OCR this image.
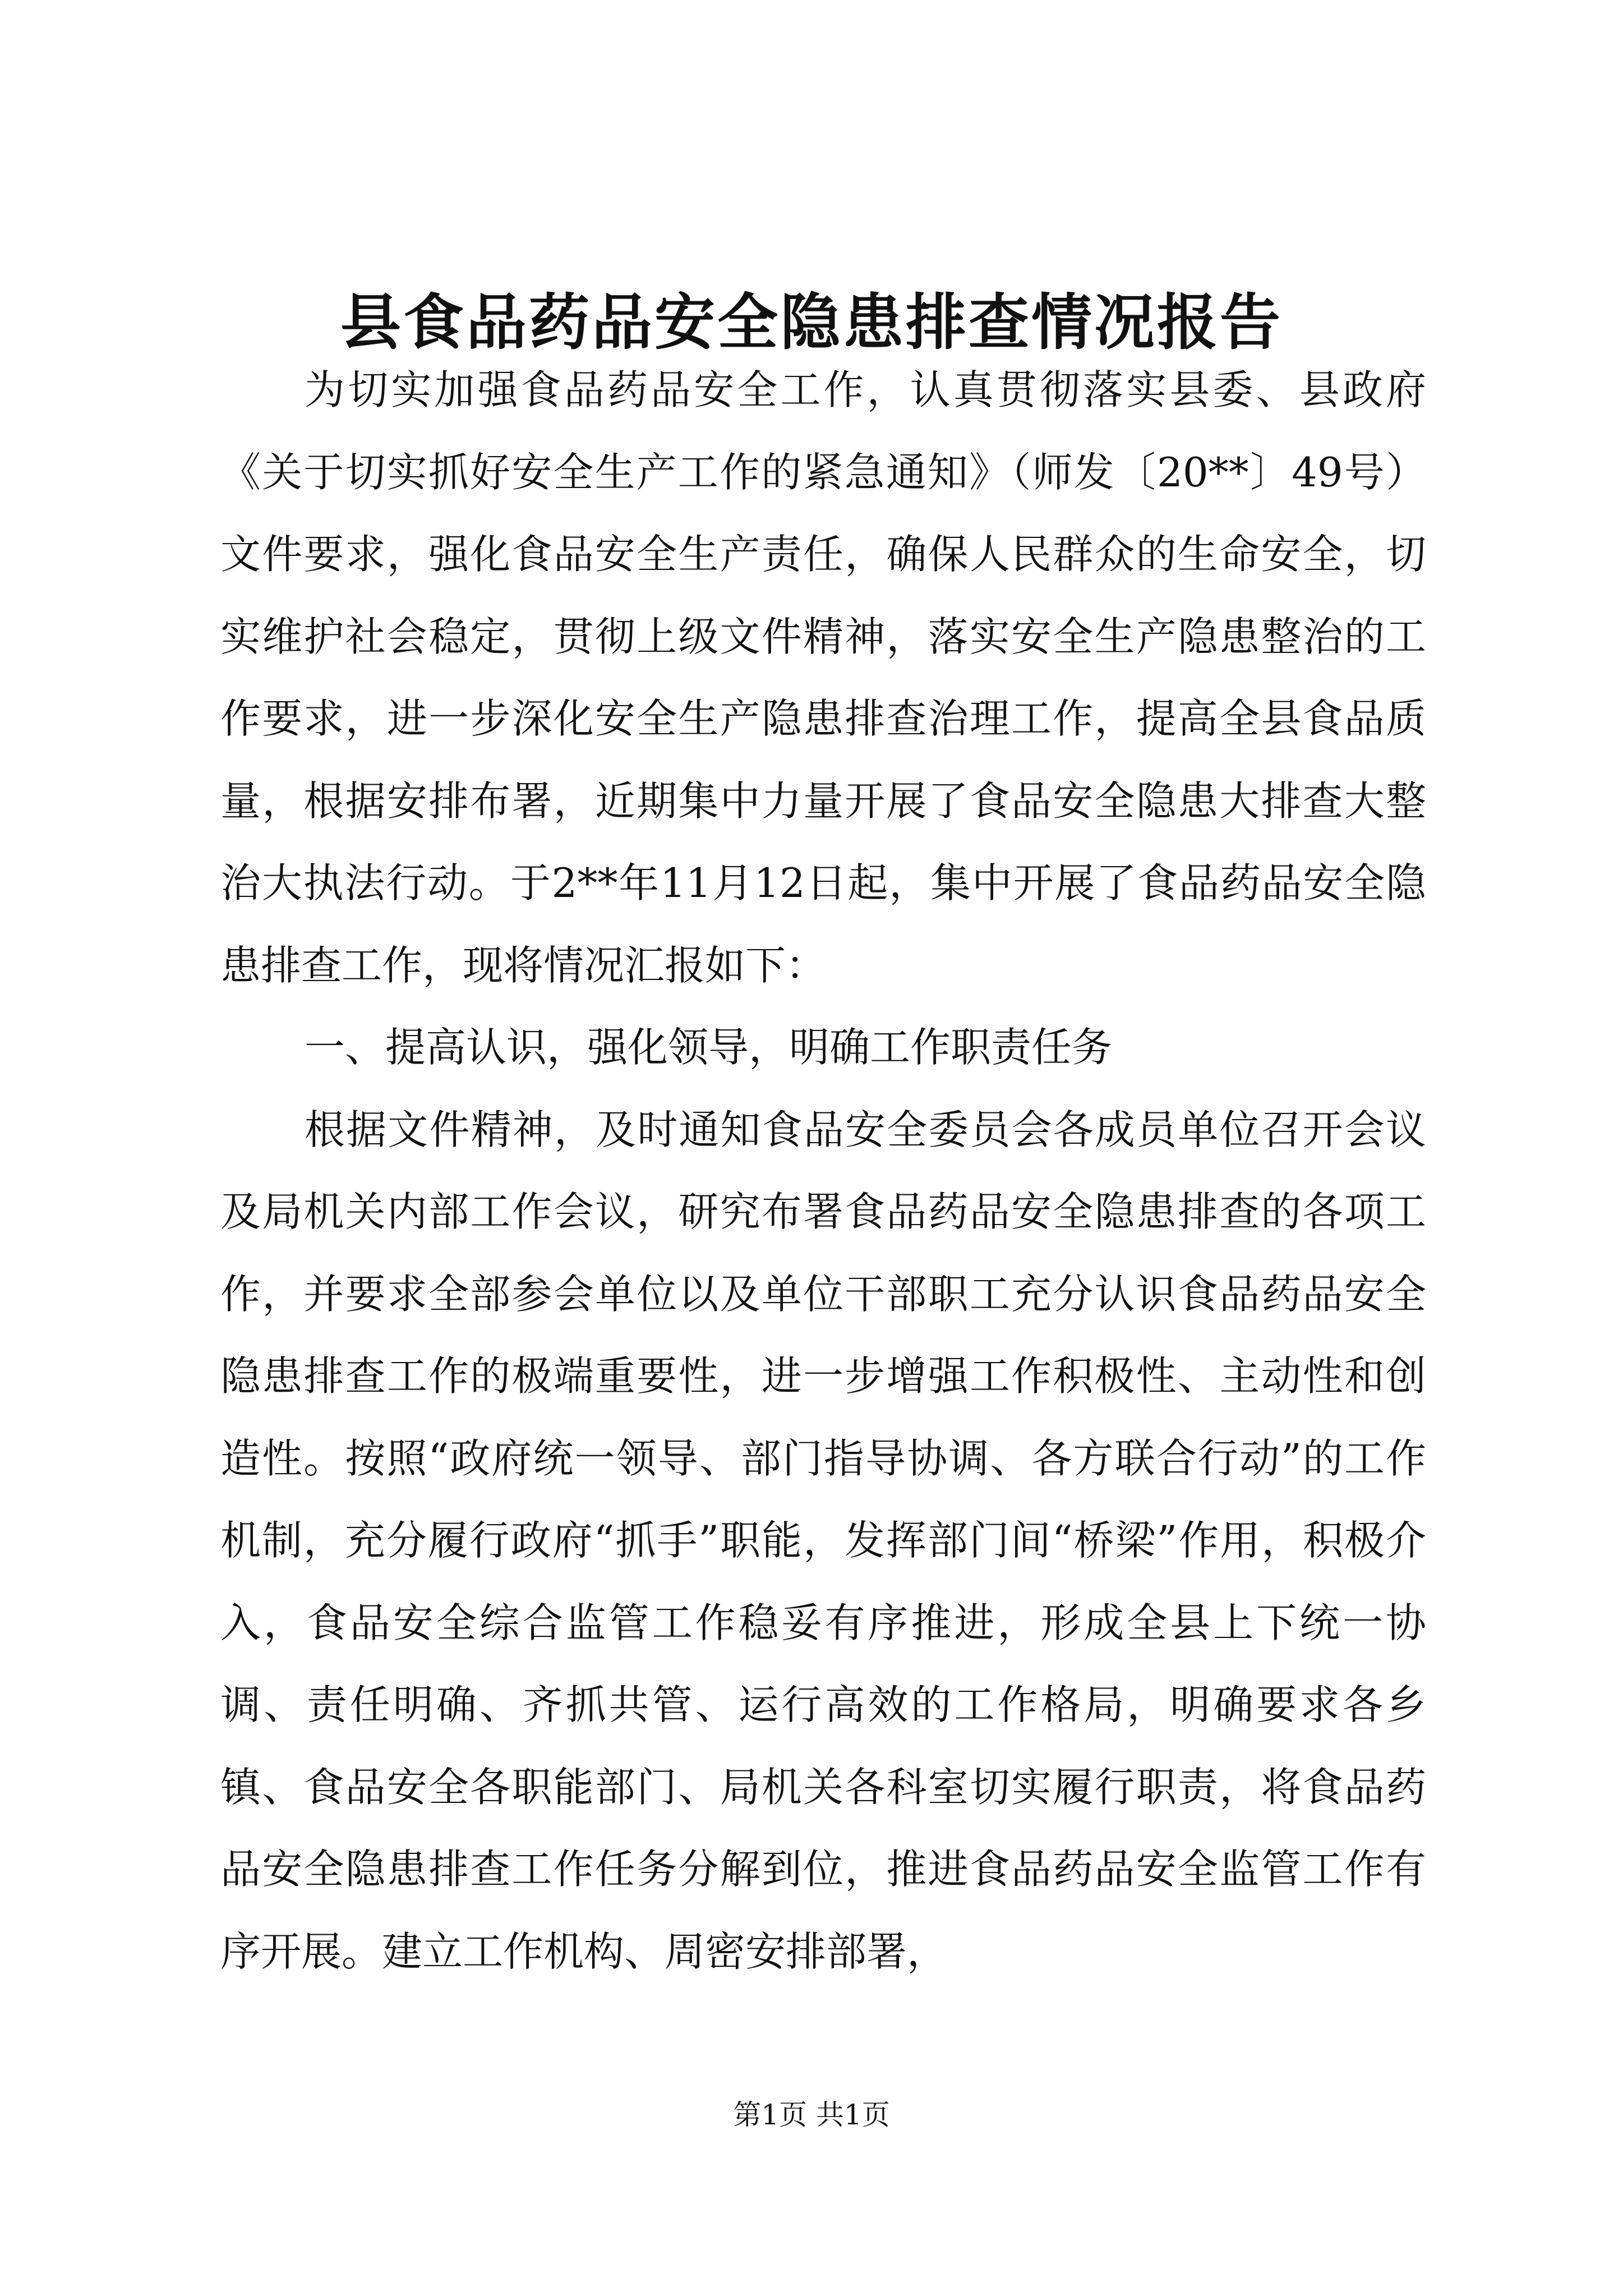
县食品药品安全隐患排查情况报告

为切实加强食品药品安全工作，认真贯彻落实县委、县政府《关于切实抓好安全生产工作的紧急通知》（师发〔20**〕49号）文件要求，强化食品安全生产责任，确保人民群众的生命安全，切实维护社会稳定，贯彻上级文件精神，落实安全生产隐患整治的工作要求，进一步深化安全生产隐患排查治理工作，提高全县食品质量，根据安排布署，近期集中力量开展了食品安全隐患大排查大整治大执法行动。于2**年11月12日起，集中开展了食品药品安全隐患排查工作，现将情况汇报如下：

一、提高认识，强化领导，明确工作职责任务

根据文件精神，及时通知食品安全委员会各成员单位召开会议及局机关内部工作会议，研究布署食品药品安全隐患排查的各项工作，并要求全部参会单位以及单位干部职工充分认识食品药品安全隐患排查工作的极端重要性，进一步增强工作积极性、主动性和创造性。按照“政府统一领导、部门指导协调、各方联合行动”的工作机制，充分履行政府“抓手”职能，发挥部门间“桥梁”作用，积极介入，食品安全综合监管工作稳妥有序推进，形成全县上下统一协调、责任明确、齐抓共管、运行高效的工作格局，明确要求各乡镇、食品安全各职能部门、局机关各科室切实履行职责，将食品药品安全隐患排查工作任务分解到位，推进食品药品安全监管工作有序开展。建立工作机构、周密安排部署，

第1页 共1页
